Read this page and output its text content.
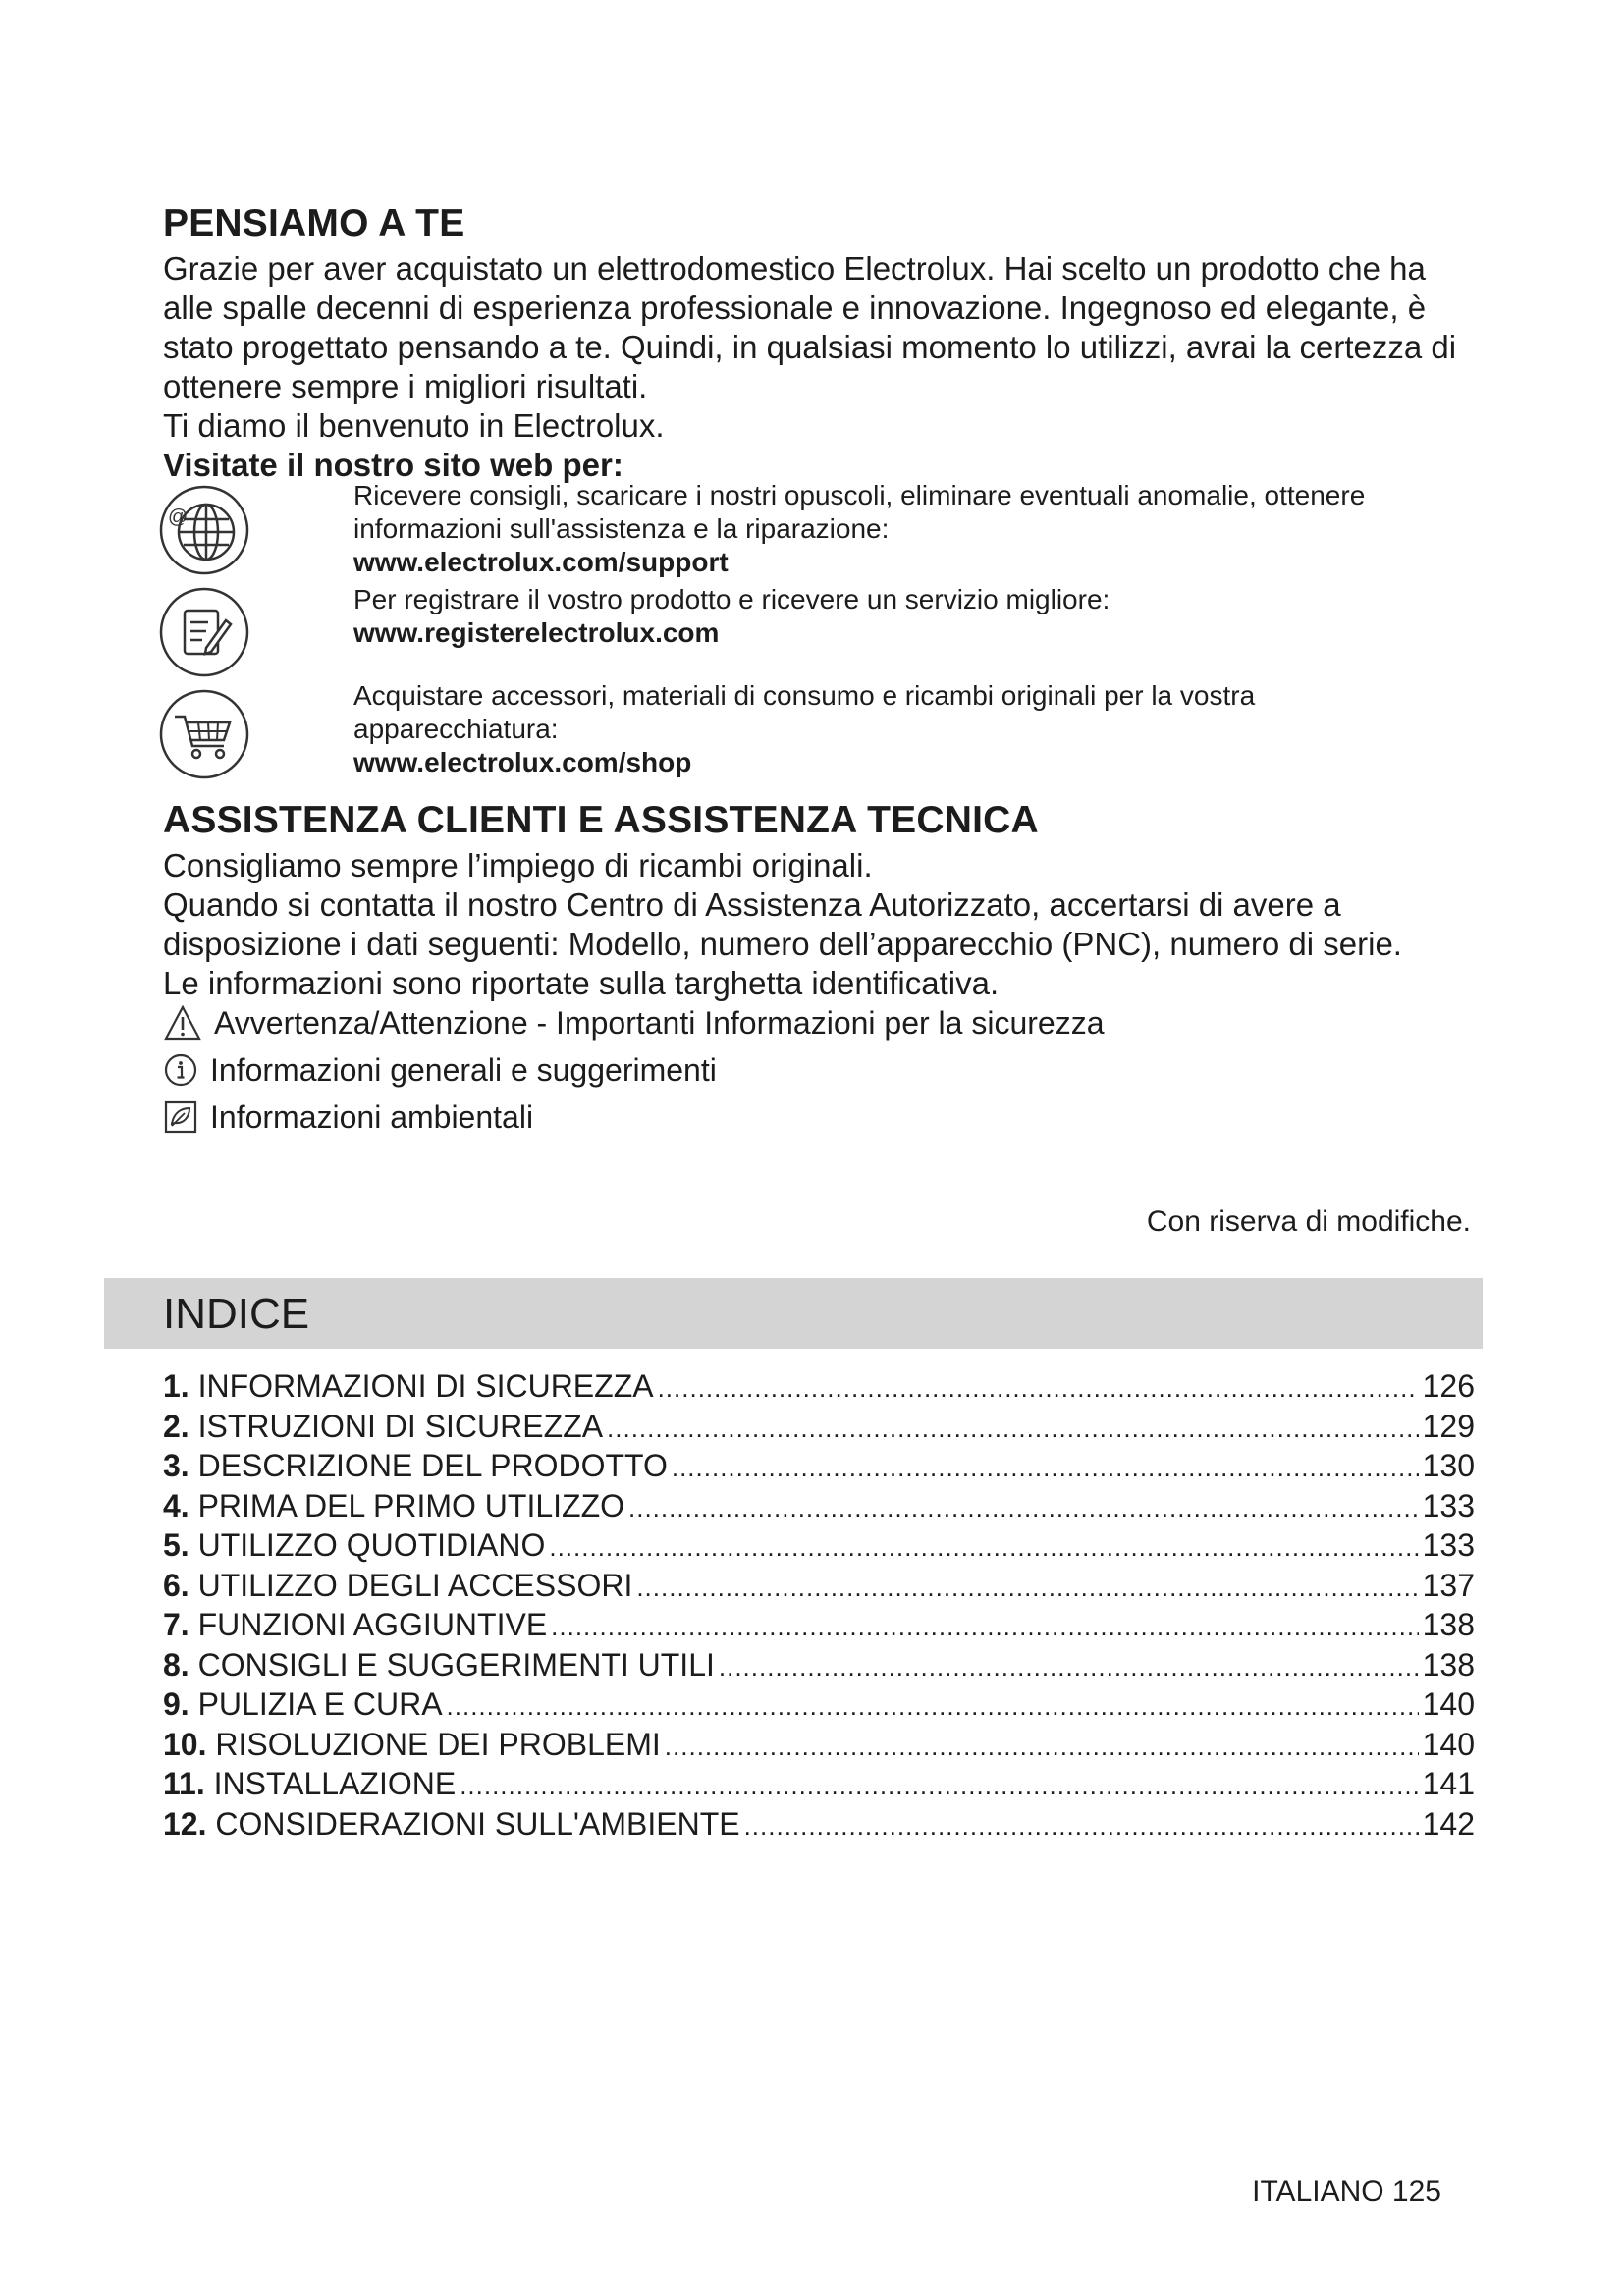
PENSIAMO A TE

Grazie per aver acquistato un elettrodomestico Electrolux. Hai scelto un prodotto che ha alle spalle decenni di esperienza professionale e innovazione. Ingegnoso ed elegante, è stato progettato pensando a te. Quindi, in qualsiasi momento lo utilizzi, avrai la certezza di ottenere sempre i migliori risultati.

Ti diamo il benvenuto in Electrolux.

Visitate il nostro sito web per:

@
Ricevere consigli, scaricare i nostri opuscoli, eliminare eventuali anomalie, ottenere informazioni sull'assistenza e la riparazione:
www.electrolux.com/support
Per registrare il vostro prodotto e ricevere un servizio migliore:
www.registerelectrolux.com
Acquistare accessori, materiali di consumo e ricambi originali per la vostra apparecchiatura:
www.electrolux.com/shop
ASSISTENZA CLIENTI E ASSISTENZA TECNICA

Consigliamo sempre l’impiego di ricambi originali.

Quando si contatta il nostro Centro di Assistenza Autorizzato, accertarsi di avere a disposizione i dati seguenti: Modello, numero dell’apparecchio (PNC), numero di serie.

Le informazioni sono riportate sulla targhetta identificativa.

Avvertenza/Attenzione - Importanti Informazioni per la sicurezza
Informazioni generali e suggerimenti
Informazioni ambientali
Con riserva di modifiche.
INDICE
1.
INFORMAZIONI DI SICUREZZA .....	126
2.
ISTRUZIONI DI SICUREZZA .....	129
3.
DESCRIZIONE DEL PRODOTTO .....	130
4.
PRIMA DEL PRIMO UTILIZZO .....	133
5.
UTILIZZO QUOTIDIANO .....	133
6.
UTILIZZO DEGLI ACCESSORI .....	137
7.
FUNZIONI AGGIUNTIVE .....	138
8.
CONSIGLI E SUGGERIMENTI UTILI .....	138
9.
PULIZIA E CURA .....	140
10.
RISOLUZIONE DEI PROBLEMI .....	140
11.
INSTALLAZIONE .....	141
12.
CONSIDERAZIONI SULL'AMBIENTE .....	142
ITALIANO 125
